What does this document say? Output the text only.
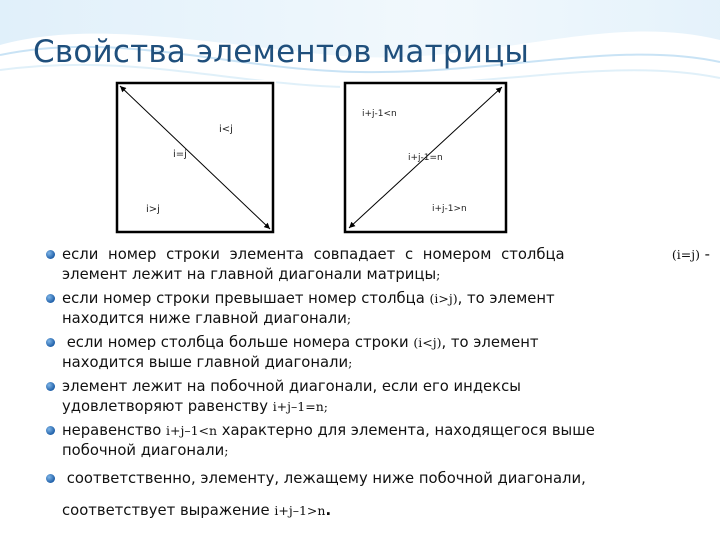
Свойства элементов матрицы
i<j
i=j
i>j
i+j-1<n
i+j-1=n
i+j-1>n
если номер строки элемента совпадает с номером столбца	(i=j) -
элемент лежит на главной диагонали матрицы;
если номер строки превышает номер столбца (i>j), то элемент
находится ниже главной диагонали;
если номер столбца больше номера строки (i<j), то элемент
находится выше главной диагонали;
элемент лежит на побочной диагонали, если его индексы
удовлетворяют равенству i+j–1=n;
неравенство i+j–1<n характерно для элемента, находящегося выше
побочной диагонали;
соответственно, элементу, лежащему ниже побочной диагонали,
соответствует выражение i+j–1>n.
